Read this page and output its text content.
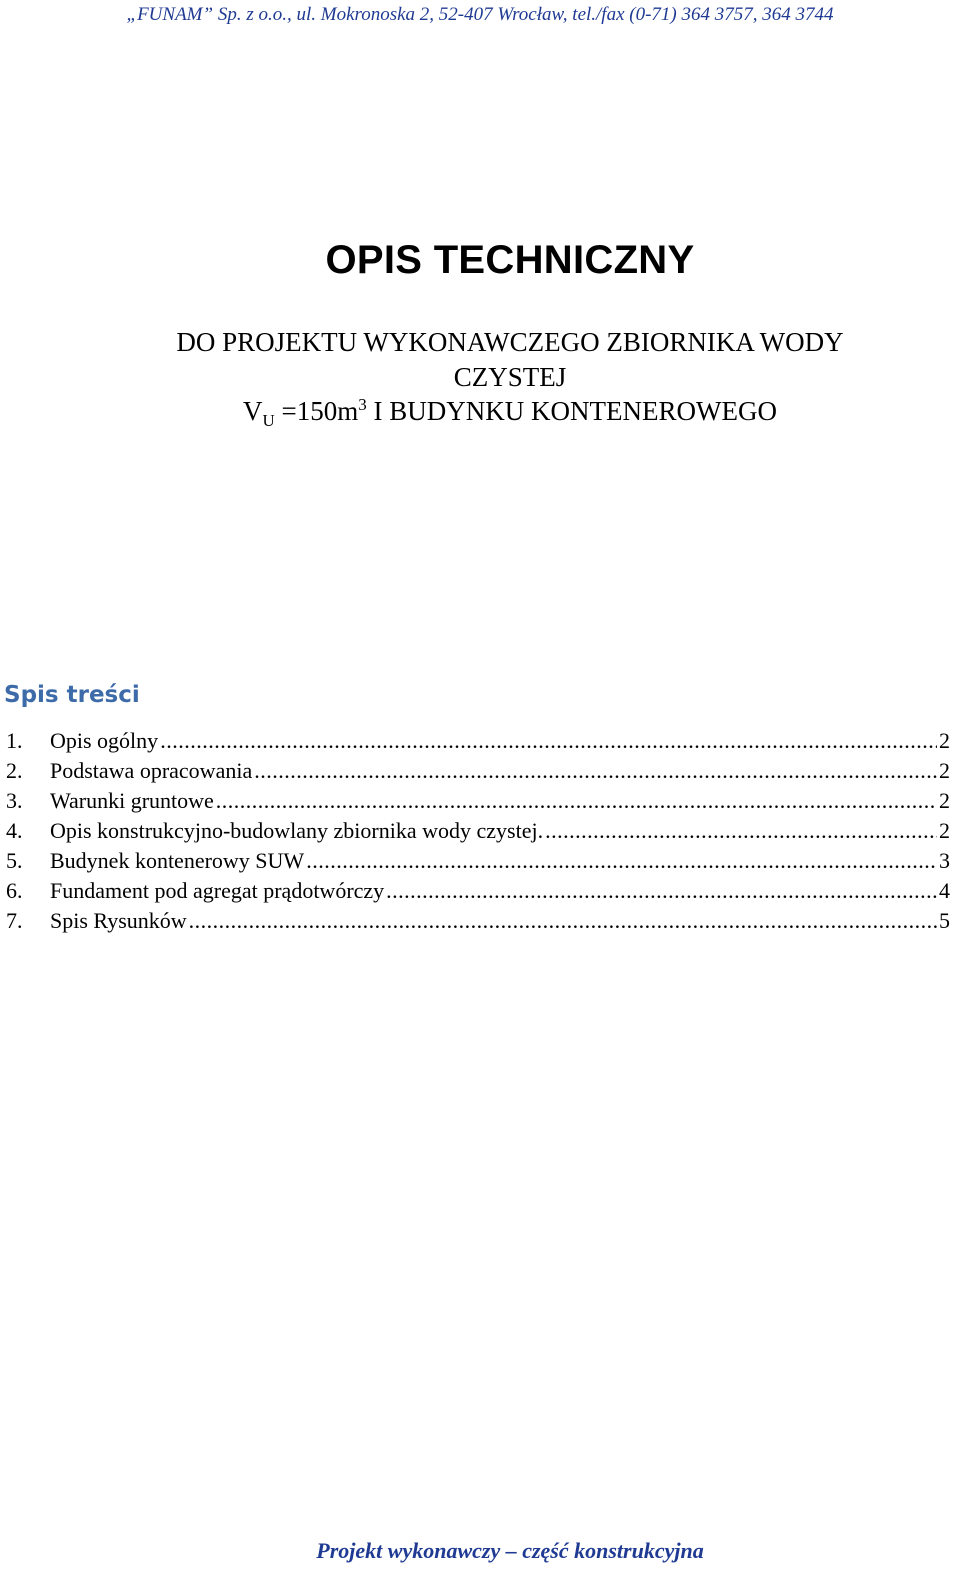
„FUNAM” Sp. z o.o., ul. Mokronoska 2, 52-407 Wrocław, tel./fax (0-71) 364 3757, 364 3744
OPIS TECHNICZNY
DO PROJEKTU WYKONAWCZEGO ZBIORNIKA WODY
CZYSTEJ
$V_U =150m^3$ I BUDYNKU KONTENEROWEGO
Spis treści
1.	Opis ogólny .....	2
2.	Podstawa opracowania .....	2
3.	Warunki gruntowe .....	2
4.	Opis konstrukcyjno-budowlany zbiornika wody czystej. .....	2
5.	Budynek kontenerowy SUW .....	3
6.	Fundament pod agregat prądotwórczy .....	4
7.	Spis Rysunków .....	5
Projekt wykonawczy – część konstrukcyjna
